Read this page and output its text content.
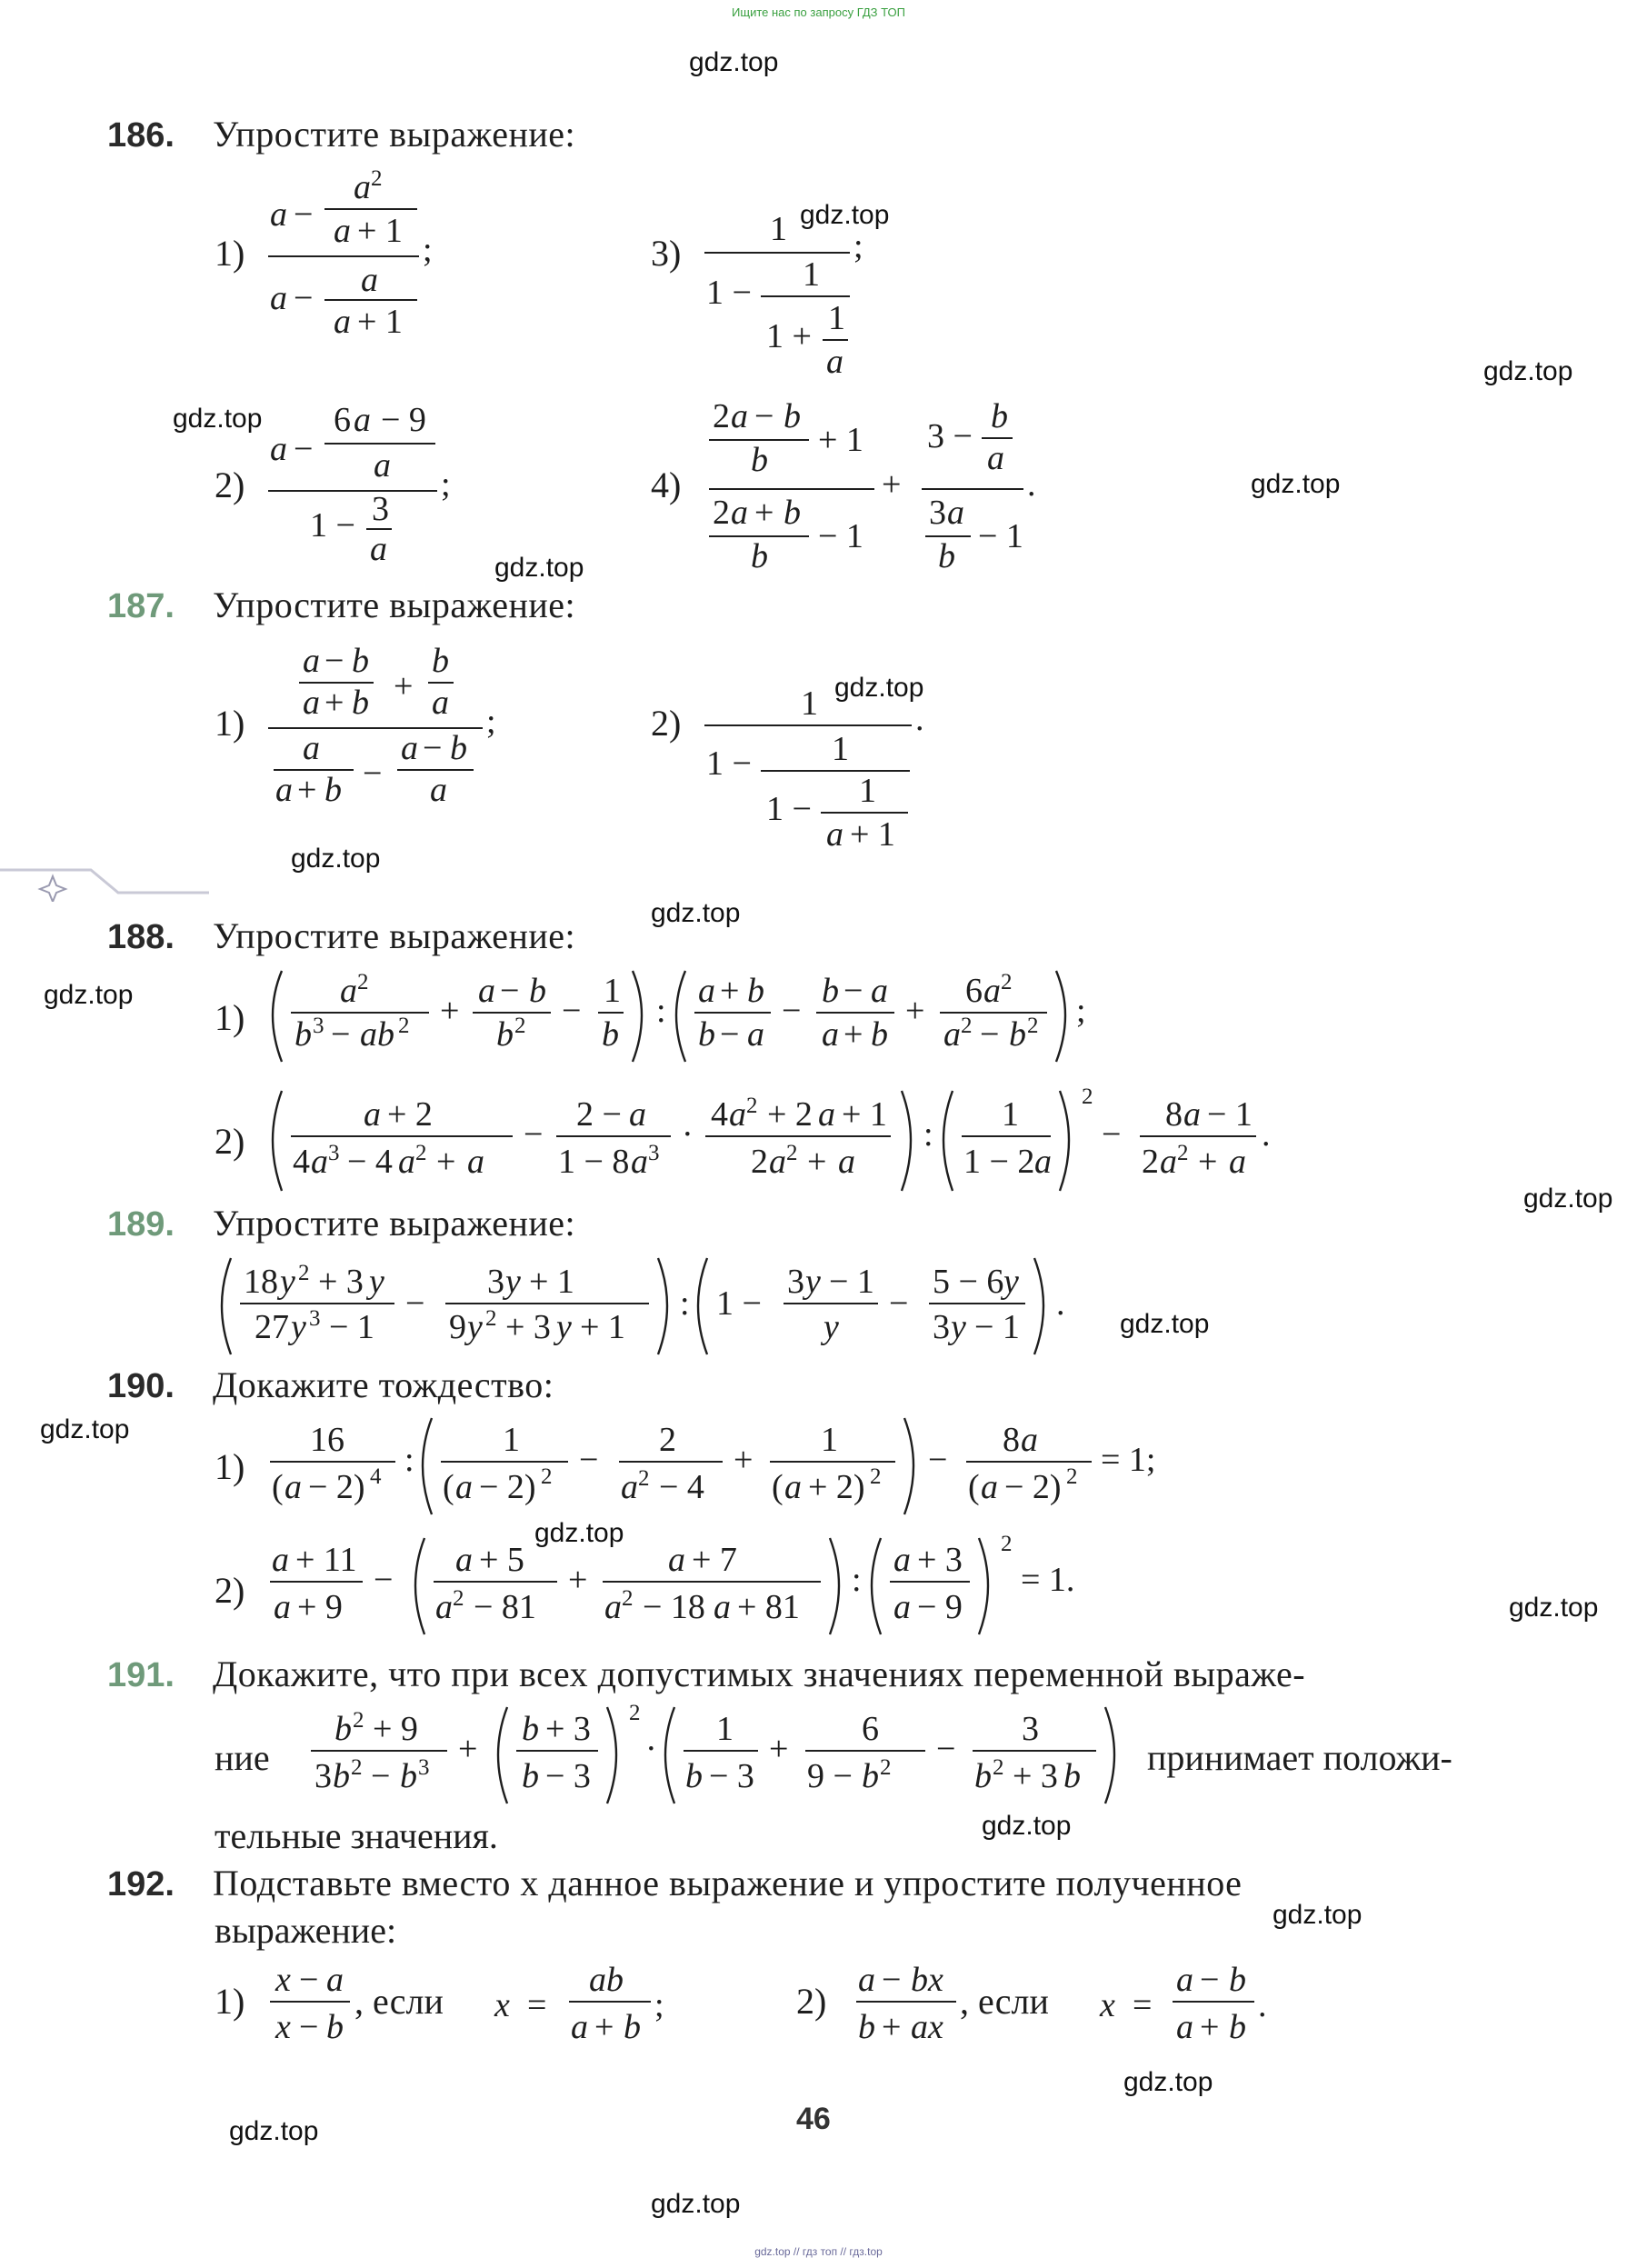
Ищите нас по запросу ГДЗ ТОП
gdz.top // гдз топ // гдз.top
gdz.top
gdz.top
gdz.top
gdz.top
gdz.top
gdz.top
gdz.top
gdz.top
gdz.top
gdz.top
gdz.top
gdz.top
gdz.top
gdz.top
gdz.top
gdz.top
gdz.top
gdz.top
gdz.top
gdz.top
186. Упростите выражение:
1)
a −
a 2
a + 1 ;
a − a
a + 1
3)
1 ;
1 − 1
1 + 1
a
2)
a −
6 a − 9
a ;
1 − 3
a
4)
2 a − b
b
+ 1
2 a + b
b
− 1
+
3 −
b
a
3 a
b
− 1
.
187. Упростите выражение:
1)
a − b
a + b +
b
a ;
a
a + b −
a − b
a
2)	1	.
1 − 1
1 − 1
a + 1
188. Упростите выражение:
1)
a 2
b 3 − ab 2 +
a − b
b 2 −
1
b
:
a + b
b − a
−
b − a
a + b
+
6 a 2
a 2 − b 2 ;
2)
a + 2
4 a 3 − 4 a 2 + a
−
2 − a
1 − 8 a 3 ·
4 a 2 + 2 a + 1
2 a 2 + a
:
1
1 − 2 a
2
−
8 a − 1
2 a 2 + a
.
189. Упростите выражение:
18 y 2 + 3 y
27 y 3 − 1
−
3 y + 1
9 y 2 + 3 y + 1
: 1 −
3 y − 1
y
−
5 − 6 y
3 y − 1
.
190. Докажите тождество:
1)
16
( a − 2) 4 :
1
( a − 2) 2 −
2
a 2 − 4
+
1
( a + 2) 2 −
8 a
( a − 2) 2 = 1;
2)
a + 11
a + 9
−
a + 5
a 2 − 81
+
a + 7
a 2 − 18 a + 81
:
a + 3
a − 9
2
= 1.
191. Докажите, что при всех допустимых значениях переменной выраже-
ние
b 2 + 9
3 b 2 − b 3 +
b + 3
b − 3
2
·
1
b − 3
+
6
9 − b 2 −
3
b 2 + 3 b принимает положи-
тельные значения.
192. Подставьте вместо x данное выражение и упростите полученное
выражение:
1)
x − a
x − b
, если x =
ab
a + b
;	2)
a − bx
b + ax
, если x =
a − b
a + b
.
46
